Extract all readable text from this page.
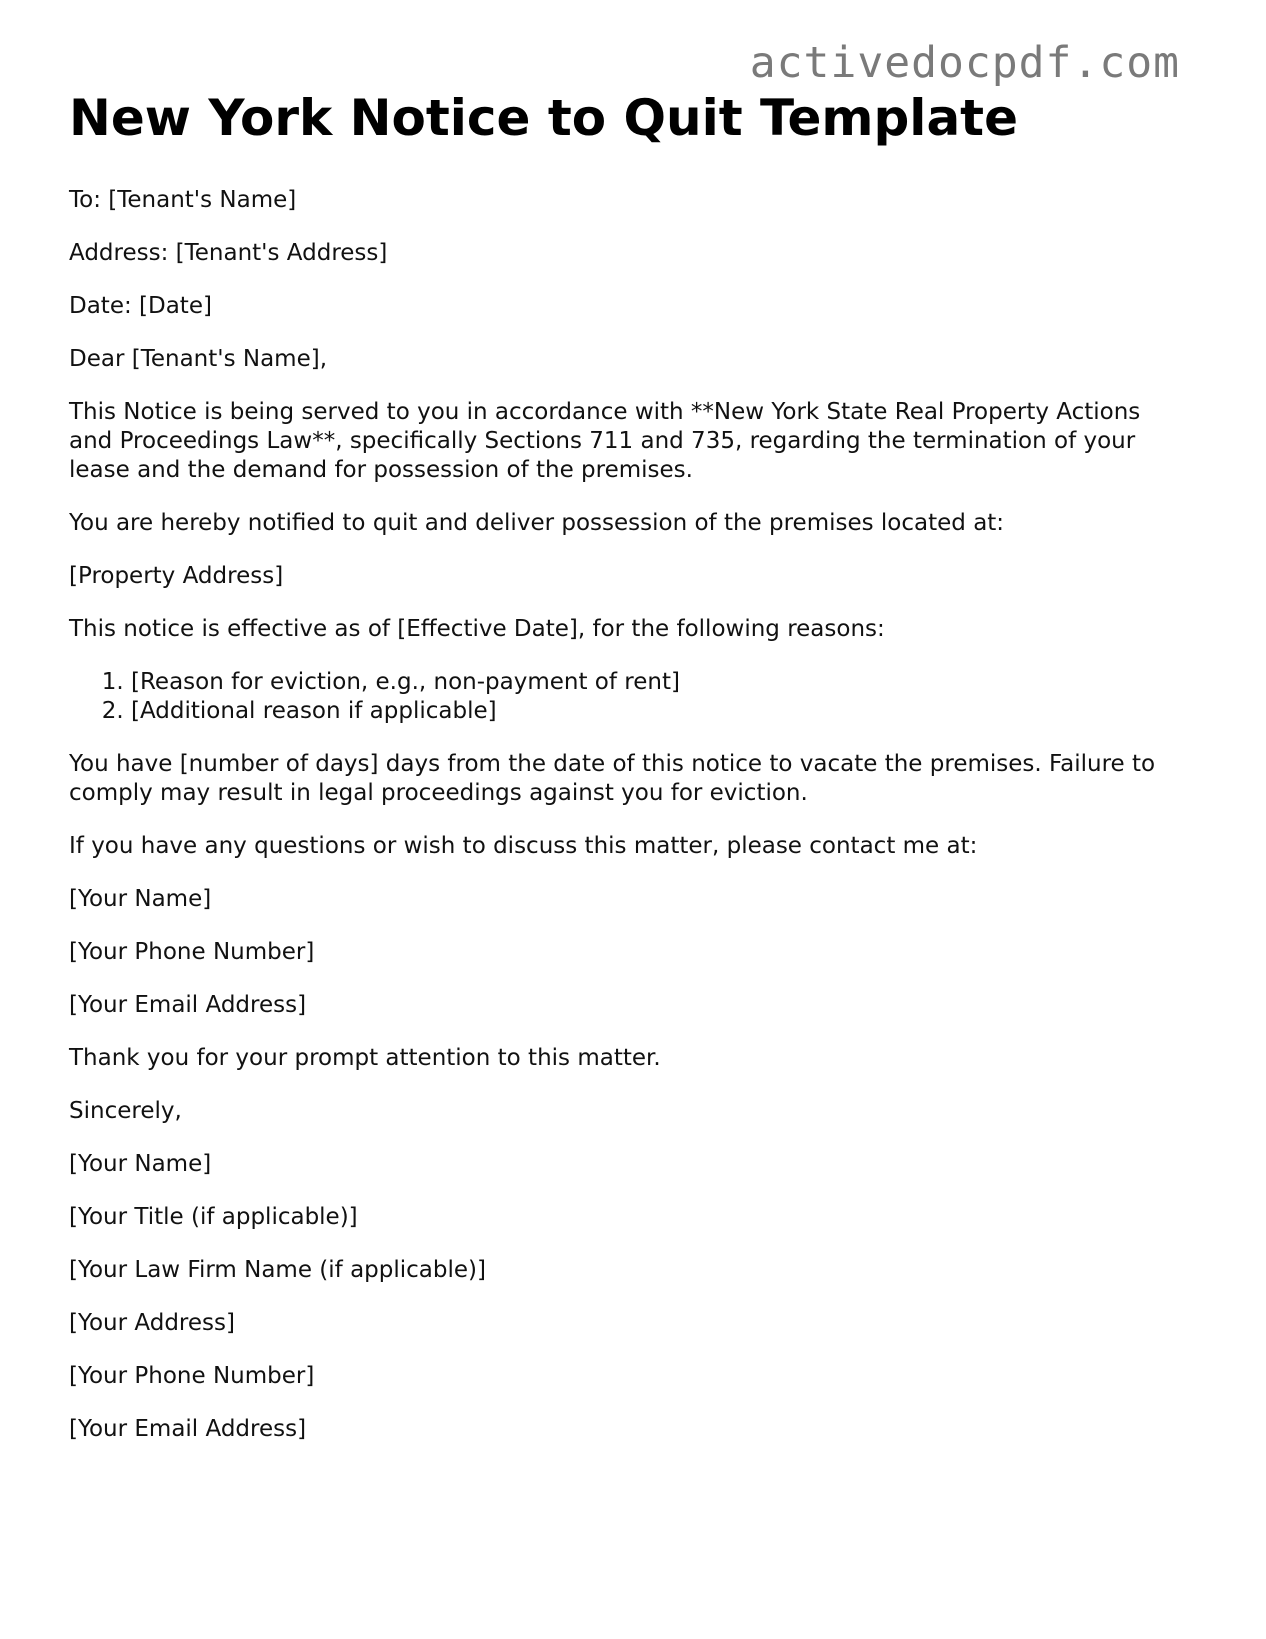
activedocpdf.com
New York Notice to Quit Template

To: [Tenant's Name]

Address: [Tenant's Address]

Date: [Date]

Dear [Tenant's Name],

This Notice is being served to you in accordance with **New York State Real Property Actions and Proceedings Law**, specifically Sections 711 and 735, regarding the termination of your lease and the demand for possession of the premises.

You are hereby notified to quit and deliver possession of the premises located at:

[Property Address]

This notice is effective as of [Effective Date], for the following reasons:

1. [Reason for eviction, e.g., non-payment of rent]
2. [Additional reason if applicable]

You have [number of days] days from the date of this notice to vacate the premises. Failure to comply may result in legal proceedings against you for eviction.

If you have any questions or wish to discuss this matter, please contact me at:

[Your Name]

[Your Phone Number]

[Your Email Address]

Thank you for your prompt attention to this matter.

Sincerely,

[Your Name]

[Your Title (if applicable)]

[Your Law Firm Name (if applicable)]

[Your Address]

[Your Phone Number]

[Your Email Address]
